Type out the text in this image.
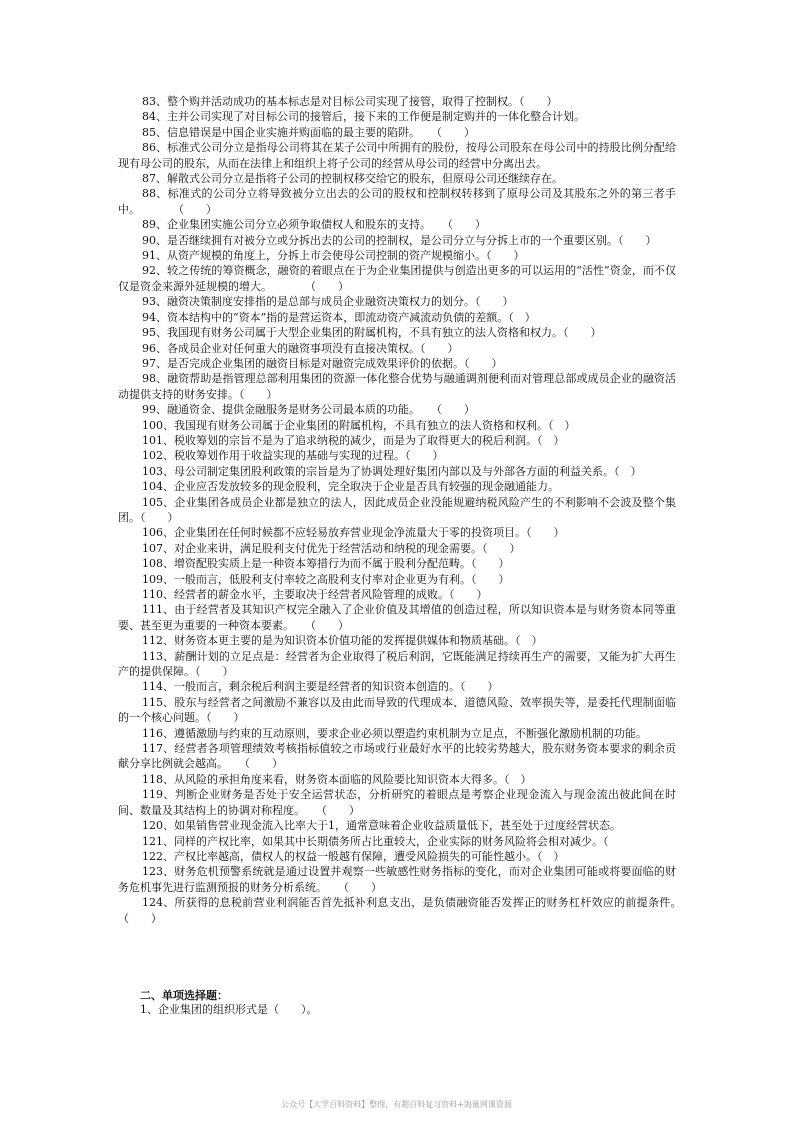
83、整个购并活动成功的基本标志是对目标公司实现了接管，取得了控制权。（　　）

84、主并公司实现了对目标公司的接管后，接下来的工作便是制定购并的一体化整合计划。

85、信息错误是中国企业实施并购面临的最主要的陷阱。　　（　　）

86、标准式公司分立是指母公司将其在某子公司中所拥有的股份，按母公司股东在母公司中的持股比例分配给现有母公司的股东，从而在法律上和组织上将子公司的经营从母公司的经营中分离出去。

87、解散式公司分立是指将子公司的控制权移交给它的股东，但原母公司还继续存在。

88、标准式的公司分立将导致被分立出去的公司的股权和控制权转移到了原母公司及其股东之外的第三者手中。　　　　（　　）

89、企业集团实施公司分立必须争取债权人和股东的支持。　　（　　）

90、是否继续拥有对被分立或分拆出去的公司的控制权，是公司分立与分拆上市的一个重要区别。（　　）

91、从资产规模的角度上，分拆上市会使母公司控制的资产规模缩小。（　　）

92、较之传统的筹资概念，融资的着眼点在于为企业集团提供与创造出更多的可以运用的“活性”资金，而不仅仅是资金来源外延规模的增大。　　　　（　　）

93、融资决策制度安排指的是总部与成员企业融资决策权力的划分。（　　）

94、资本结构中的“资本”指的是营运资本，即流动资产减流动负债的差额。（　）

95、我国现有财务公司属于大型企业集团的附属机构，不具有独立的法人资格和权力。（　　）

96、各成员企业对任何重大的融资事项没有直接决策权。（　　）

97、是否完成企业集团的融资目标是对融资完成效果评价的依据。（　　）

98、融资帮助是指管理总部利用集团的资源一体化整合优势与融通调剂便利而对管理总部或成员企业的融资活动提供支持的财务安排。（　　）

99、融通资金、提供金融服务是财务公司最本质的功能。　　（　　）

100、我国现有财务公司属于企业集团的附属机构，不具有独立的法人资格和权利。（　）

101、税收筹划的宗旨不是为了追求纳税的减少，而是为了取得更大的税后利润。（　）

102、税收筹划作用于收益实现的基础与实现的过程。（　　）

103、母公司制定集团股利政策的宗旨是为了协调处理好集团内部以及与外部各方面的利益关系。（　）

104、企业应否发放较多的现金股利，完全取决于企业是否具有较强的现金融通能力。

105、企业集团各成员企业都是独立的法人，因此成员企业没能规避纳税风险产生的不利影响不会波及整个集团。（　　）

106、企业集团在任何时候都不应轻易放弃营业现金净流量大于零的投资项目。（　　）

107、对企业来讲，满足股利支付优先于经营活动和纳税的现金需要。（　　）

108、增资配股实质上是一种资本筹措行为而不属于股利分配范畴。（　　）

109、一般而言，低股利支付率较之高股利支付率对企业更为有利。（　　）

110、经营者的薪金水平，主要取决于经营者风险管理的成败。（　　）

111、由于经营者及其知识产权完全融入了企业价值及其增值的创造过程，所以知识资本是与财务资本同等重要、甚至更为重要的一种资本要素。　　（　　）

112、财务资本更主要的是为知识资本价值功能的发挥提供媒体和物质基础。（　）

113、薪酬计划的立足点是：经营者为企业取得了税后利润，它既能满足持续再生产的需要，又能为扩大再生产的提供保障。（　　）

114、一般而言，剩余税后利润主要是经营者的知识资本创造的。（　　）

115、股东与经营者之间激励不兼容以及由此而导致的代理成本、道德风险、效率损失等，是委托代理制面临的一个核心问题。（　　）

116、遵循激励与约束的互动原则，要求企业必须以塑造约束机制为立足点，不断强化激励机制的功能。

117、经营者各项管理绩效考核指标值较之市场或行业最好水平的比较劣势越大，股东财务资本要求的剩余贡献分享比例就会越高。　　（　　）

118、从风险的承担角度来看，财务资本面临的风险要比知识资本大得多。（　）

119、判断企业财务是否处于安全运营状态，分析研究的着眼点是考察企业现金流入与现金流出彼此间在时间、数量及其结构上的协调对称程度。　　（　　）

120、如果销售营业现金流入比率大于1，通常意味着企业收益质量低下，甚至处于过度经营状态。

121、同样的产权比率，如果其中长期债务所占比重较大，企业实际的财务风险将会相对减少。（

122、产权比率越高，债权人的权益一般越有保障，遭受风险损失的可能性越小。（　）

123、财务危机预警系统就是通过设置并观察一些敏感性财务指标的变化，而对企业集团可能或将要面临的财务危机事先进行监测预报的财务分析系统。　　（　　）

124、所获得的息税前营业利润能否首先抵补利息支出，是负债融资能否发挥正的财务杠杆效应的前提条件。　　　　（　　）

二、单项选择题：

1、企业集团的组织形式是（　　）。

公众号【大学百科资料】整理，有超百科复习资料+海量网课资源
